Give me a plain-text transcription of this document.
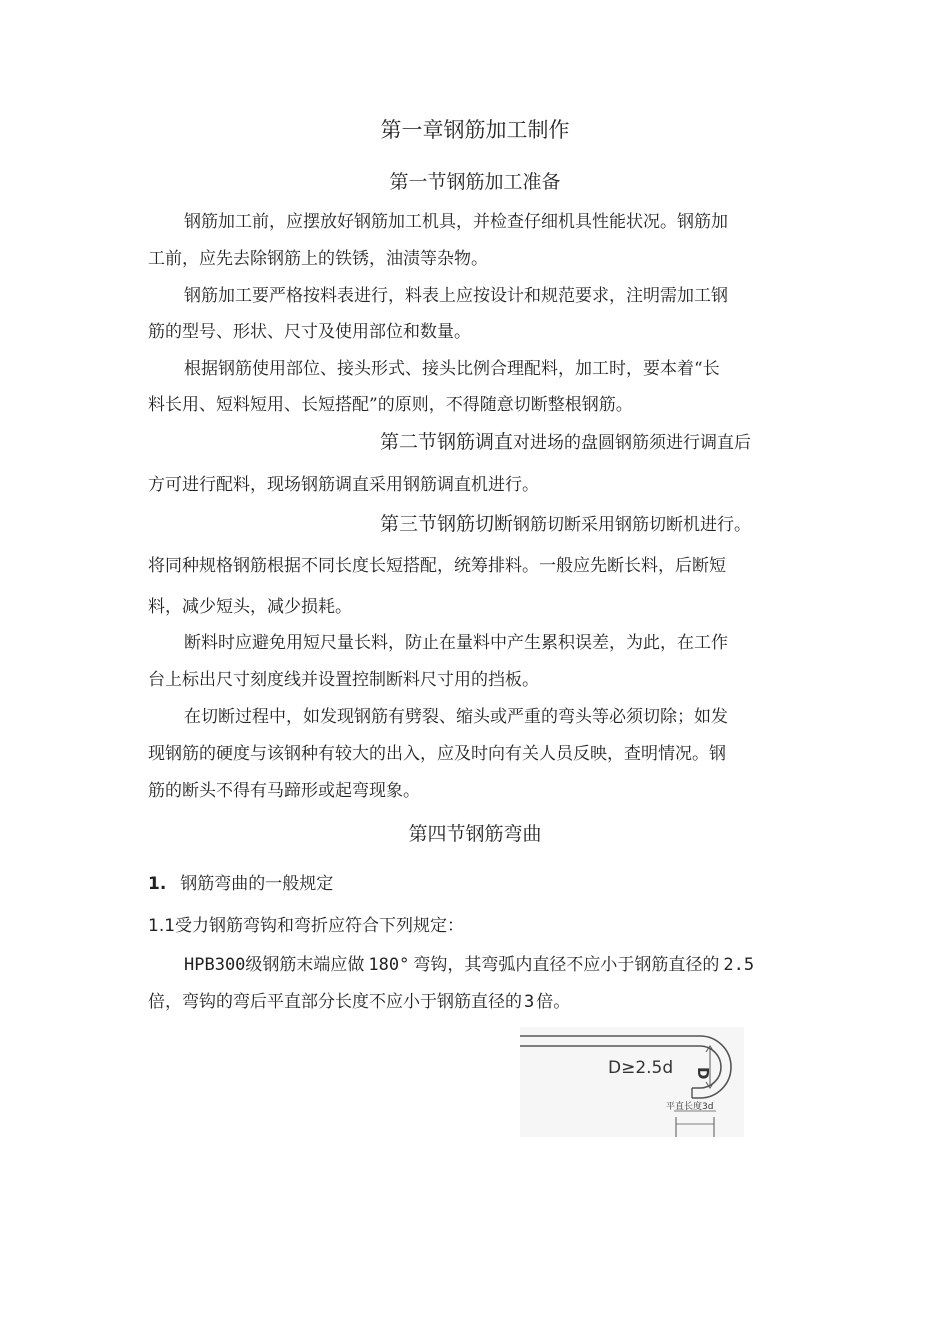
第一章钢筋加工制作
第一节钢筋加工准备
钢筋加工前，应摆放好钢筋加工机具，并检查仔细机具性能状况。钢筋加
工前，应先去除钢筋上的铁锈，油渍等杂物。
钢筋加工要严格按料表进行，料表上应按设计和规范要求，注明需加工钢
筋的型号、形状、尺寸及使用部位和数量。
根据钢筋使用部位、接头形式、接头比例合理配料，加工时，要本着“长
料长用、短料短用、长短搭配”的原则，不得随意切断整根钢筋。
第二节钢筋调直对进场的盘圆钢筋须进行调直后
方可进行配料，现场钢筋调直采用钢筋调直机进行。
第三节钢筋切断钢筋切断采用钢筋切断机进行。
将同种规格钢筋根据不同长度长短搭配，统筹排料。一般应先断长料，后断短
料，减少短头，减少损耗。
断料时应避免用短尺量长料，防止在量料中产生累积误差，为此，在工作
台上标出尺寸刻度线并设置控制断料尺寸用的挡板。
在切断过程中，如发现钢筋有劈裂、缩头或严重的弯头等必须切除；如发
现钢筋的硬度与该钢种有较大的出入，应及时向有关人员反映，查明情况。钢
筋的断头不得有马蹄形或起弯现象。
第四节钢筋弯曲
1. 钢筋弯曲的一般规定
1.1受力钢筋弯钩和弯折应符合下列规定：
HPB300级钢筋末端应做 180° 弯钩，其弯弧内直径不应小于钢筋直径的 2.5
倍，弯钩的弯后平直部分长度不应小于钢筋直径的 3 倍。
D≥2.5d D
平直长度3d
